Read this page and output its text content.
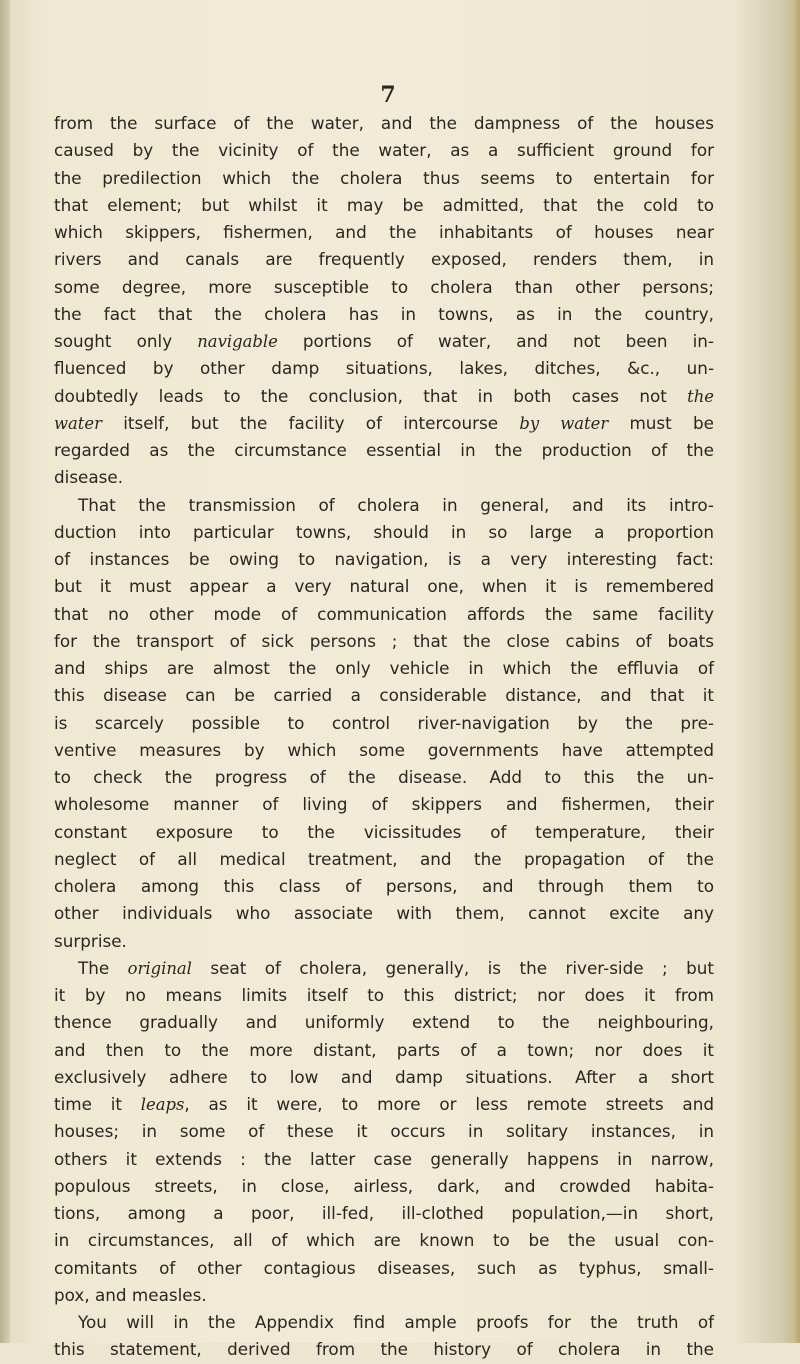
7
from the surface of the water, and the dampness of the houses
caused by the vicinity of the water, as a sufficient ground for
the predilection which the cholera thus seems to entertain for
that element; but whilst it may be admitted, that the cold to
which skippers, fishermen, and the inhabitants of houses near
rivers and canals are frequently exposed, renders them, in
some degree, more susceptible to cholera than other persons;
the fact that the cholera has in towns, as in the country,
sought only navigable portions of water, and not been in-
fluenced by other damp situations, lakes, ditches, &c., un-
doubtedly leads to the conclusion, that in both cases not the
water itself, but the facility of intercourse by water must be
regarded as the circumstance essential in the production of the
disease.
That the transmission of cholera in general, and its intro-
duction into particular towns, should in so large a proportion
of instances be owing to navigation, is a very interesting fact:
but it must appear a very natural one, when it is remembered
that no other mode of communication affords the same facility
for the transport of sick persons ; that the close cabins of boats
and ships are almost the only vehicle in which the effluvia of
this disease can be carried a considerable distance, and that it
is scarcely possible to control river-navigation by the pre-
ventive measures by which some governments have attempted
to check the progress of the disease. Add to this the un-
wholesome manner of living of skippers and fishermen, their
constant exposure to the vicissitudes of temperature, their
neglect of all medical treatment, and the propagation of the
cholera among this class of persons, and through them to
other individuals who associate with them, cannot excite any
surprise.
The original seat of cholera, generally, is the river-side ; but
it by no means limits itself to this district; nor does it from
thence gradually and uniformly extend to the neighbouring,
and then to the more distant, parts of a town; nor does it
exclusively adhere to low and damp situations. After a short
time it leaps, as it were, to more or less remote streets and
houses; in some of these it occurs in solitary instances, in
others it extends : the latter case generally happens in narrow,
populous streets, in close, airless, dark, and crowded habita-
tions, among a poor, ill-fed, ill-clothed population,—in short,
in circumstances, all of which are known to be the usual con-
comitants of other contagious diseases, such as typhus, small-
pox, and measles.
You will in the Appendix find ample proofs for the truth of
this statement, derived from the history of cholera in the
